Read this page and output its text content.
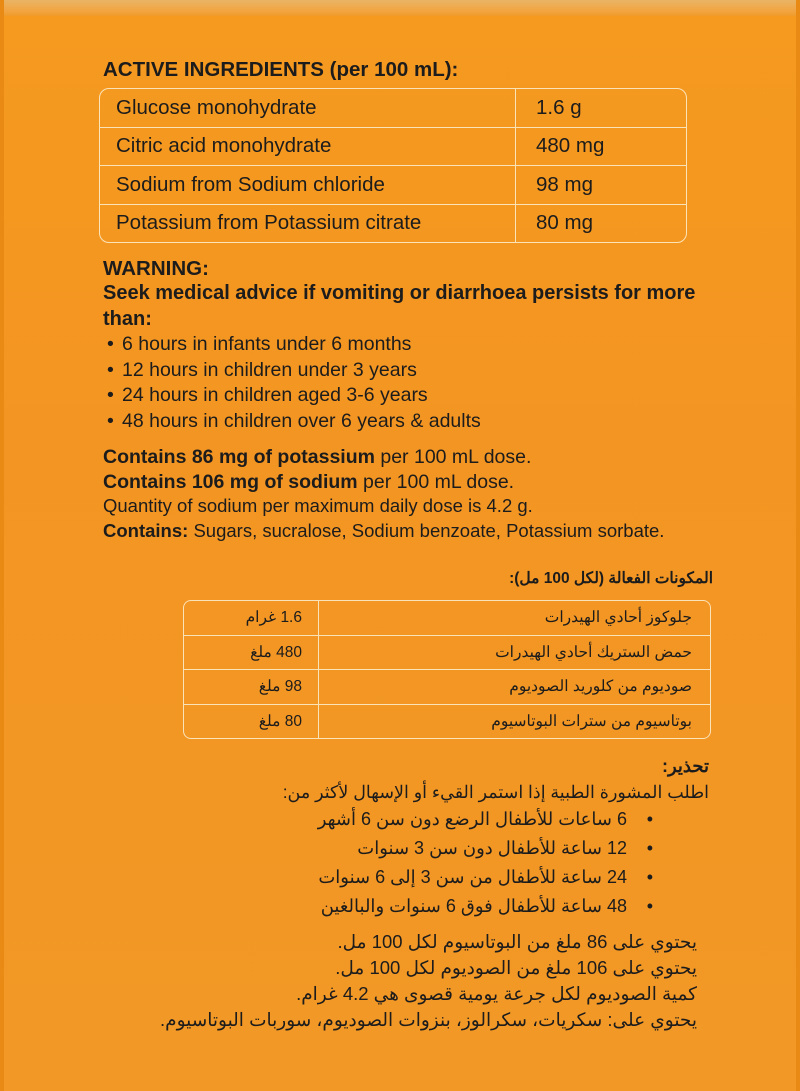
ACTIVE INGREDIENTS (per 100 mL):
Glucose monohydrate	1.6 g
Citric acid monohydrate	480 mg
Sodium from Sodium chloride	98 mg
Potassium from Potassium citrate	80 mg
WARNING:
Seek medical advice if vomiting or diarrhoea persists for more than:
• 6 hours in infants under 6 months
• 12 hours in children under 3 years
• 24 hours in children aged 3-6 years
• 48 hours in children over 6 years & adults
Contains 86 mg of potassium per 100 mL dose.
Contains 106 mg of sodium per 100 mL dose.
Quantity of sodium per maximum daily dose is 4.2 g.
Contains: Sugars, sucralose, Sodium benzoate, Potassium sorbate.
المكونات الفعالة (لكل 100 مل):
جلوكوز أحادي الهيدرات	1.6 غرام
حمض الستريك أحادي الهيدرات	480 ملغ
صوديوم من كلوريد الصوديوم	98 ملغ
بوتاسيوم من سترات البوتاسيوم	80 ملغ
تحذير:
اطلب المشورة الطبية إذا استمر القيء أو الإسهال لأكثر من:
•6 ساعات للأطفال الرضع دون سن 6 أشهر
•12 ساعة للأطفال دون سن 3 سنوات
•24 ساعة للأطفال من سن 3 إلى 6 سنوات
•48 ساعة للأطفال فوق 6 سنوات والبالغين
يحتوي على 86 ملغ من البوتاسيوم لكل 100 مل.
يحتوي على 106 ملغ من الصوديوم لكل 100 مل.
كمية الصوديوم لكل جرعة يومية قصوى هي 4.2 غرام.
يحتوي على: سكريات، سكرالوز، بنزوات الصوديوم، سوربات البوتاسيوم.
